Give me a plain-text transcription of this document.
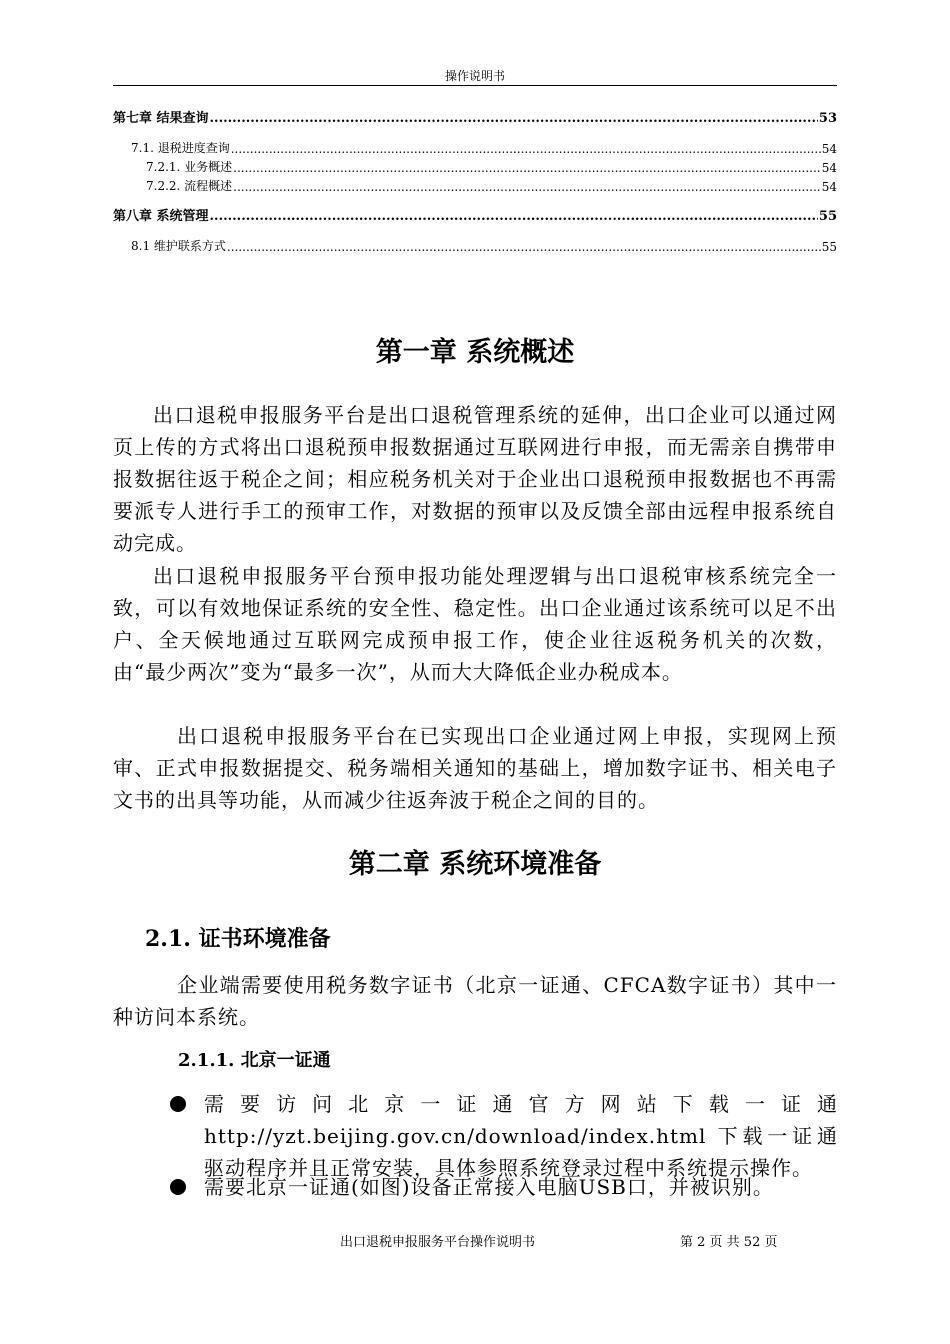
操作说明书
第七章 结果查询 .....	53
7.1. 退税进度查询 .....	54
7.2.1. 业务概述 .....	54
7.2.2. 流程概述 .....	54
第八章 系统管理 .....	55
8.1 维护联系方式 .....	55
第一章 系统概述
出口退税申报服务平台是出口退税管理系统的延伸，出口企业可以通过网页上传的方式将出口退税预申报数据通过互联网进行申报，而无需亲自携带申报数据往返于税企之间；相应税务机关对于企业出口退税预申报数据也不再需要派专人进行手工的预审工作，对数据的预审以及反馈全部由远程申报系统自动完成。
出口退税申报服务平台预申报功能处理逻辑与出口退税审核系统完全一致，可以有效地保证系统的安全性、稳定性。出口企业通过该系统可以足不出户、全天候地通过互联网完成预申报工作，使企业往返税务机关的次数，由“最少两次”变为“最多一次”，从而大大降低企业办税成本。
出口退税申报服务平台在已实现出口企业通过网上申报，实现网上预审、正式申报数据提交、税务端相关通知的基础上，增加数字证书、相关电子文书的出具等功能，从而减少往返奔波于税企之间的目的。
第二章 系统环境准备
2.1. 证书环境准备
企业端需要使用税务数字证书（北京一证通、CFCA数字证书）其中一种访问本系统。
2.1.1. 北京一证通
需要访问北京一证通官方网站下载一证通 http://yzt.beijing.gov.cn/download/index.html 下载一证通驱动程序并且正常安装，具体参照系统登录过程中系统提示操作。
需要北京一证通(如图)设备正常接入电脑USB口，并被识别。
出口退税申报服务平台操作说明书	第 2 页 共 52 页
